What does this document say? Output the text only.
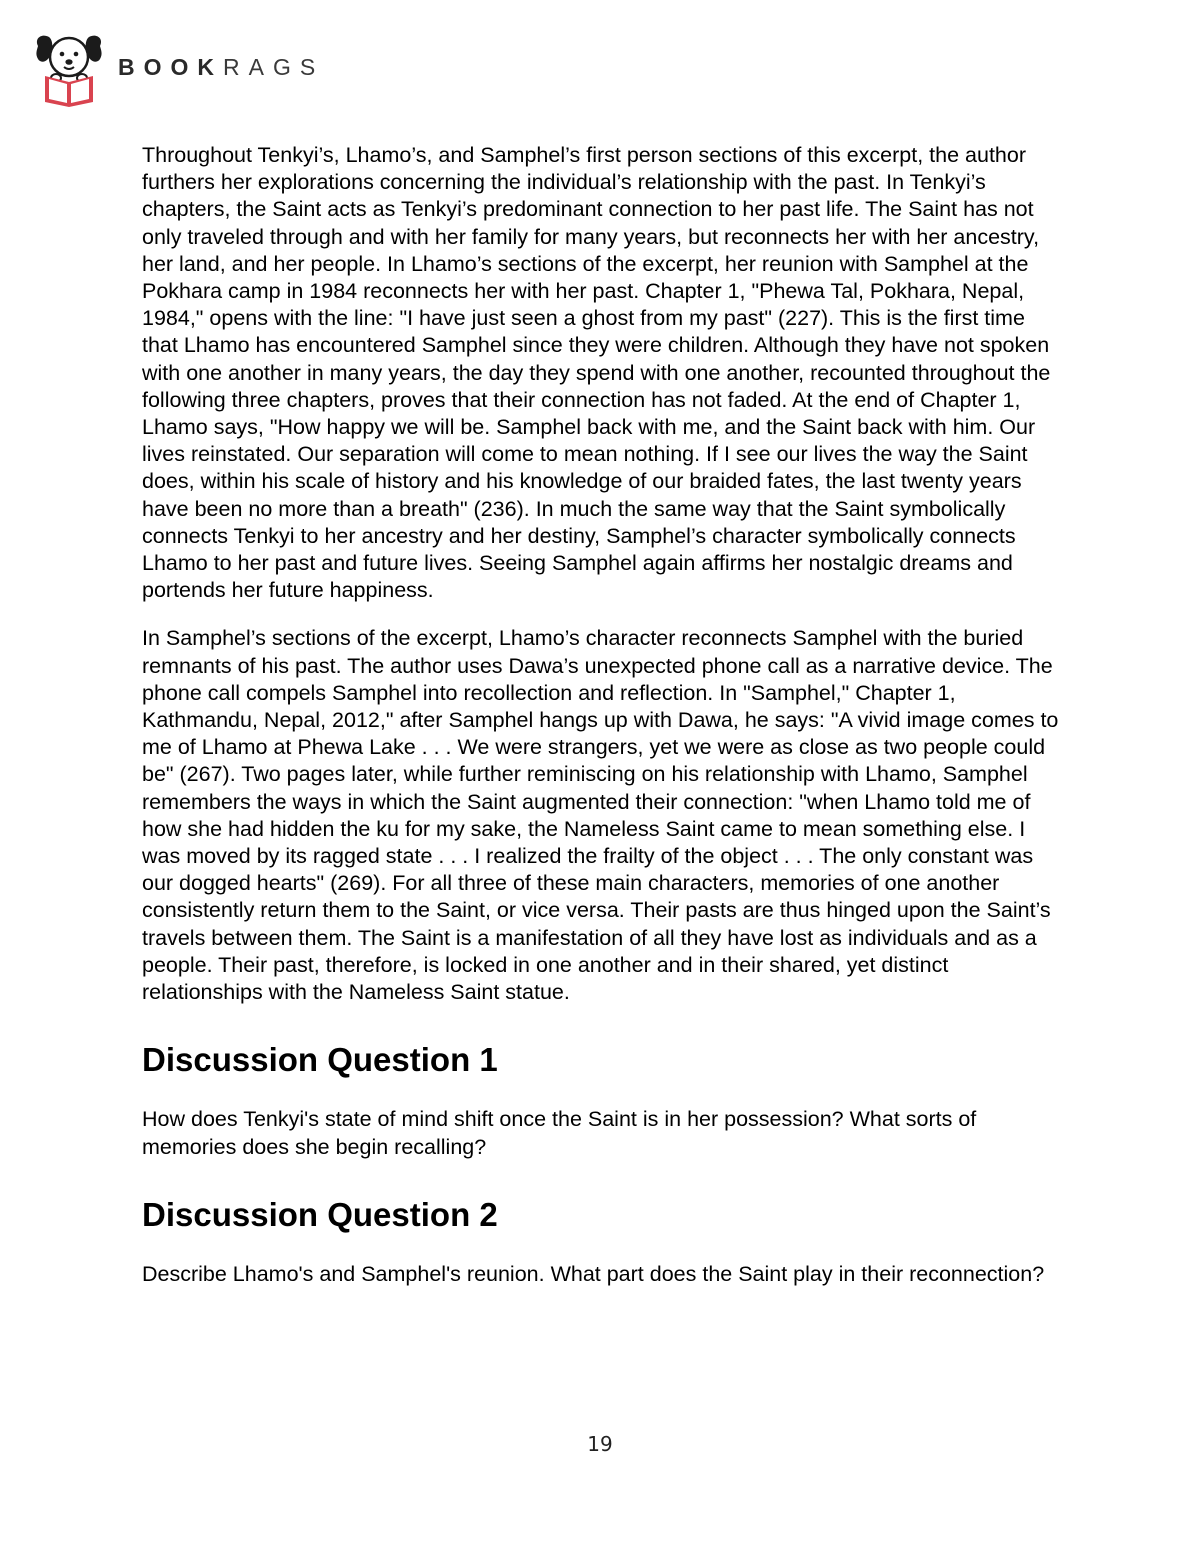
BOOKRAGS

Throughout Tenkyi’s, Lhamo’s, and Samphel’s first person sections of this excerpt, the author furthers her explorations concerning the individual’s relationship with the past. In Tenkyi’s chapters, the Saint acts as Tenkyi’s predominant connection to her past life. The Saint has not only traveled through and with her family for many years, but reconnects her with her ancestry, her land, and her people. In Lhamo’s sections of the excerpt, her reunion with Samphel at the Pokhara camp in 1984 reconnects her with her past. Chapter 1, "Phewa Tal, Pokhara, Nepal, 1984," opens with the line: "I have just seen a ghost from my past" (227). This is the first time that Lhamo has encountered Samphel since they were children. Although they have not spoken with one another in many years, the day they spend with one another, recounted throughout the following three chapters, proves that their connection has not faded. At the end of Chapter 1, Lhamo says, "How happy we will be. Samphel back with me, and the Saint back with him. Our lives reinstated. Our separation will come to mean nothing. If I see our lives the way the Saint does, within his scale of history and his knowledge of our braided fates, the last twenty years have been no more than a breath" (236). In much the same way that the Saint symbolically connects Tenkyi to her ancestry and her destiny, Samphel’s character symbolically connects Lhamo to her past and future lives. Seeing Samphel again affirms her nostalgic dreams and portends her future happiness.

In Samphel’s sections of the excerpt, Lhamo’s character reconnects Samphel with the buried remnants of his past. The author uses Dawa’s unexpected phone call as a narrative device. The phone call compels Samphel into recollection and reflection. In "Samphel," Chapter 1, Kathmandu, Nepal, 2012," after Samphel hangs up with Dawa, he says: "A vivid image comes to me of Lhamo at Phewa Lake . . . We were strangers, yet we were as close as two people could be" (267). Two pages later, while further reminiscing on his relationship with Lhamo, Samphel remembers the ways in which the Saint augmented their connection: "when Lhamo told me of how she had hidden the ku for my sake, the Nameless Saint came to mean something else. I was moved by its ragged state . . . I realized the frailty of the object . . . The only constant was our dogged hearts" (269). For all three of these main characters, memories of one another consistently return them to the Saint, or vice versa. Their pasts are thus hinged upon the Saint’s travels between them. The Saint is a manifestation of all they have lost as individuals and as a people. Their past, therefore, is locked in one another and in their shared, yet distinct relationships with the Nameless Saint statue.

Discussion Question 1

How does Tenkyi's state of mind shift once the Saint is in her possession? What sorts of memories does she begin recalling?

Discussion Question 2

Describe Lhamo's and Samphel's reunion. What part does the Saint play in their reconnection?

19
